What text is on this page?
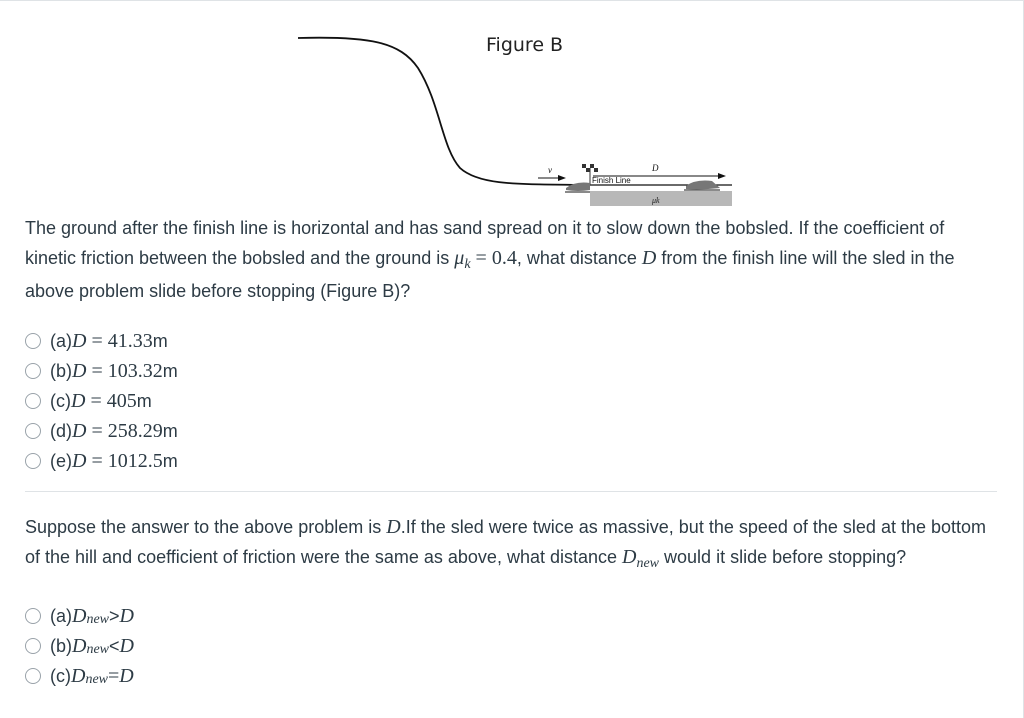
Figure B
v	D
Finish Line
μk
The ground after the finish line is horizontal and has sand spread on it to slow down the bobsled. If the coefficient of kinetic friction between the bobsled and the ground is $\mu_k = 0.4$, what distance D from the finish line will the sled in the above problem slide before stopping (Figure B)?
(a) D = 41.33 m
(b) D = 103.32 m
(c) D = 405 m
(d) D = 258.29 m
(e) D = 1012.5 m
Suppose the answer to the above problem is D.If the sled were twice as massive, but the speed of the sled at the bottom of the hill and coefficient of friction were the same as above, what distance $D_{new}$ would it slide before stopping?
(a) D new > D
(b) D new < D
(c) D new = D
